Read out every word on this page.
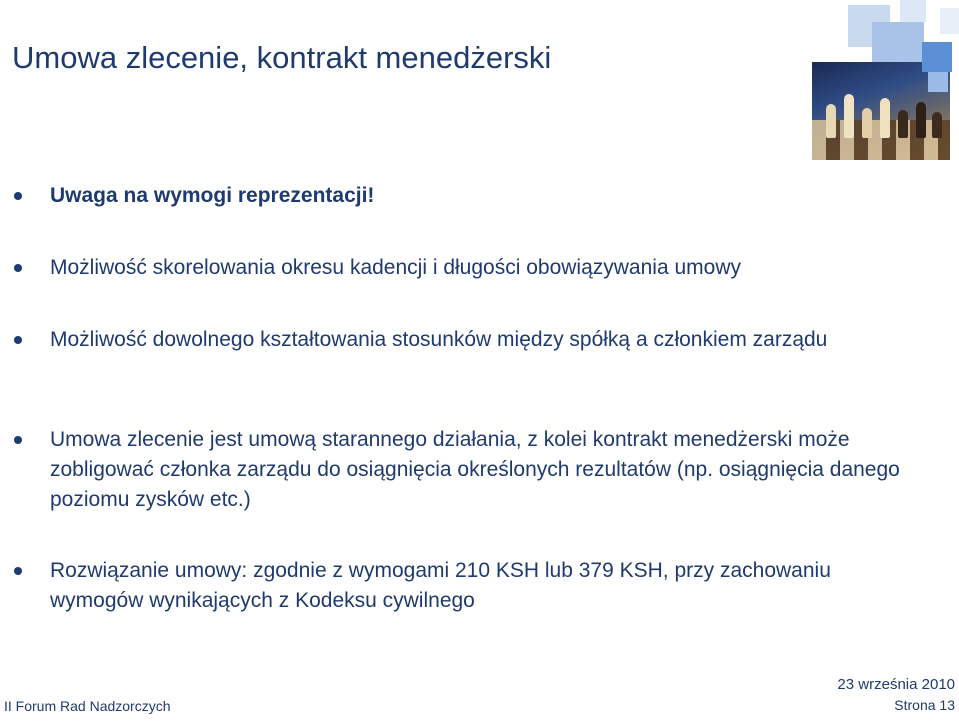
Umowa zlecenie, kontrakt menedżerski
Uwaga na wymogi reprezentacji!
Możliwość skorelowania okresu kadencji i długości obowiązywania umowy
Możliwość dowolnego kształtowania stosunków między spółką a członkiem zarządu
Umowa zlecenie jest umową starannego działania, z kolei kontrakt menedżerski może zobligować członka zarządu do osiągnięcia określonych rezultatów (np. osiągnięcia danego poziomu zysków etc.)
Rozwiązanie umowy: zgodnie z wymogami 210 KSH lub 379 KSH, przy zachowaniu wymogów wynikających z Kodeksu cywilnego
II Forum Rad Nadzorczych
23 września 2010
Strona 13
